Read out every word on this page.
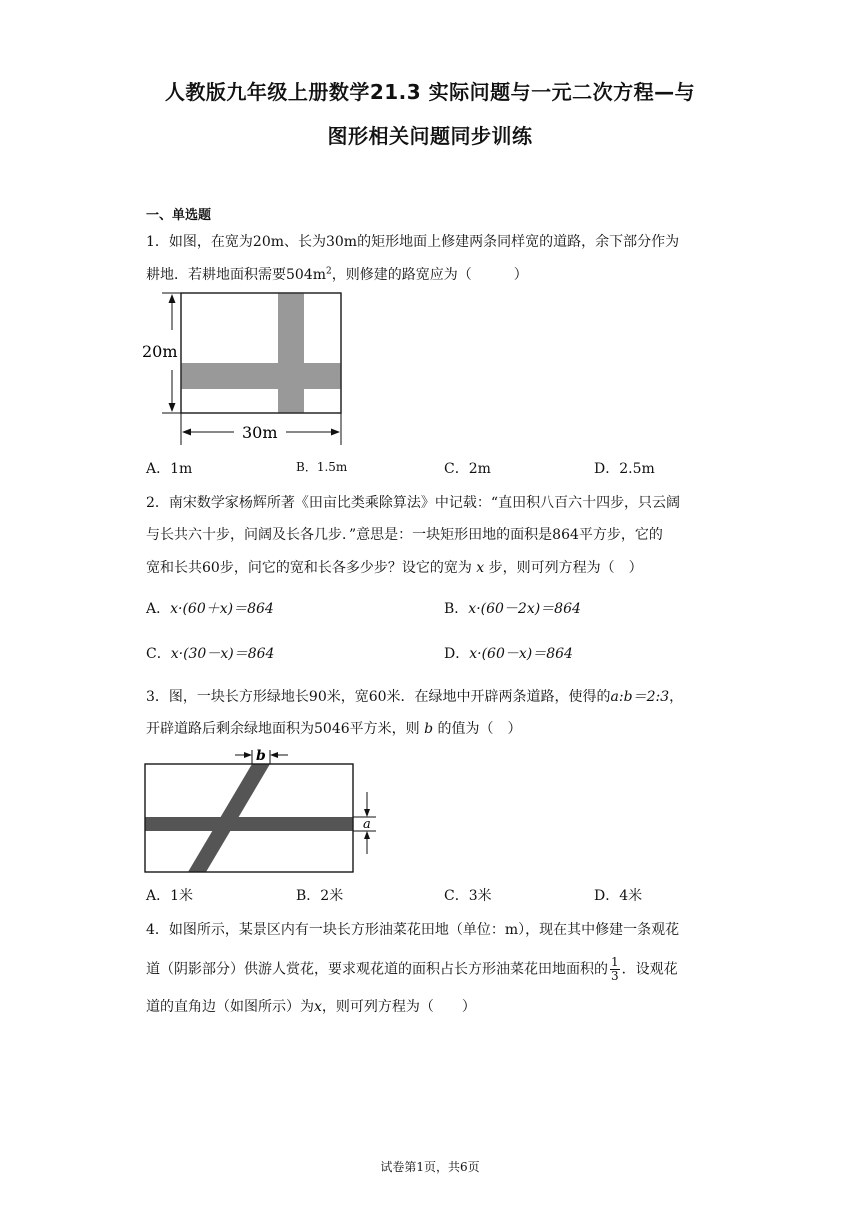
人教版九年级上册数学21.3 实际问题与一元二次方程—与
图形相关问题同步训练
一、单选题
1．如图，在宽为20m、长为30m的矩形地面上修建两条同样宽的道路，余下部分作为
耕地．若耕地面积需要$504m^2$，则修建的路宽应为（　　　）
20m
30m
A．1m	B．1.5m	C．2m	D．2.5m
2．南宋数学家杨辉所著《田亩比类乘除算法》中记载：“直田积八百六十四步，只云阔
与长共六十步，问阔及长各几步．”意思是：一块矩形田地的面积是864平方步，它的
宽和长共60步，问它的宽和长各多少步？设它的宽为 x 步，则可列方程为（　）
A．x·(60＋x)＝864	B．x·(60－2x)＝864
C．x·(30－x)＝864	D．x·(60－x)＝864
3．图，一块长方形绿地长90米，宽60米．在绿地中开辟两条道路，使得的a:b＝2:3，
开辟道路后剩余绿地面积为5046平方米，则 b 的值为（　）
b
a
A．1米	B．2米	C．3米	D．4米
4．如图所示，某景区内有一块长方形油菜花田地（单位：m），现在其中修建一条观花
道（阴影部分）供游人赏花，要求观花道的面积占长方形油菜花田地面积的 $\frac{1}{3}$ ．设观花
道的直角边（如图所示）为x，则可列方程为（　　）
试卷第1页，共6页
